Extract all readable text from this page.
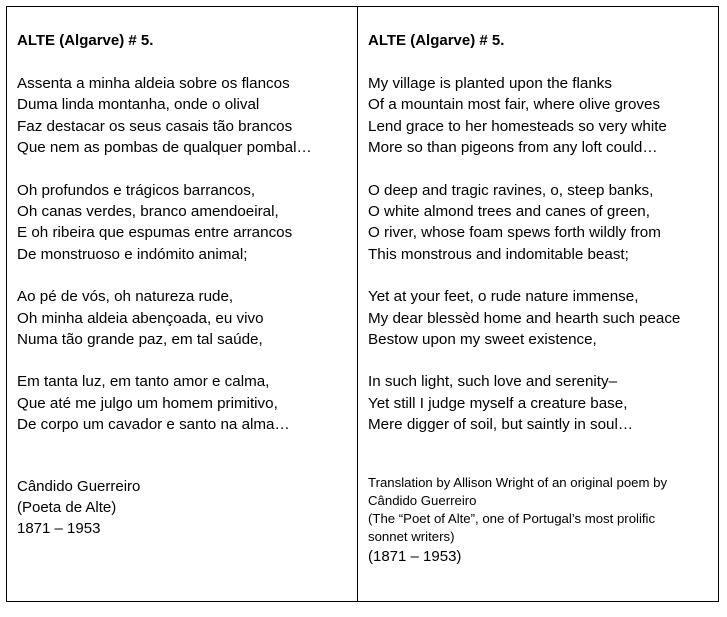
ALTE (Algarve) # 5.
Assenta a minha aldeia sobre os flancos
Duma linda montanha, onde o olival
Faz destacar os seus casais tão brancos
Que nem as pombas de qualquer pombal…
Oh profundos e trágicos barrancos,
Oh canas verdes, branco amendoeiral,
E oh ribeira que espumas entre arrancos
De monstruoso e indómito animal;
Ao pé de vós, oh natureza rude,
Oh minha aldeia abençoada, eu vivo
Numa tão grande paz, em tal saúde,
Em tanta luz, em tanto amor e calma,
Que até me julgo um homem primitivo,
De corpo um cavador e santo na alma…
Cândido Guerreiro
(Poeta de Alte)
1871 – 1953
ALTE (Algarve) # 5.
My village is planted upon the flanks
Of a mountain most fair, where olive groves
Lend grace to her homesteads so very white
More so than pigeons from any loft could…
O deep and tragic ravines, o, steep banks,
O white almond trees and canes of green,
O river, whose foam spews forth wildly from
This monstrous and indomitable beast;
Yet at your feet, o rude nature immense,
My dear blessèd home and hearth such peace
Bestow upon my sweet existence,
In such light, such love and serenity–
Yet still I judge myself a creature base,
Mere digger of soil, but saintly in soul…
Translation by Allison Wright of an original poem by
Cândido Guerreiro
(The “Poet of Alte”, one of Portugal’s most prolific
sonnet writers)
(1871 – 1953)
